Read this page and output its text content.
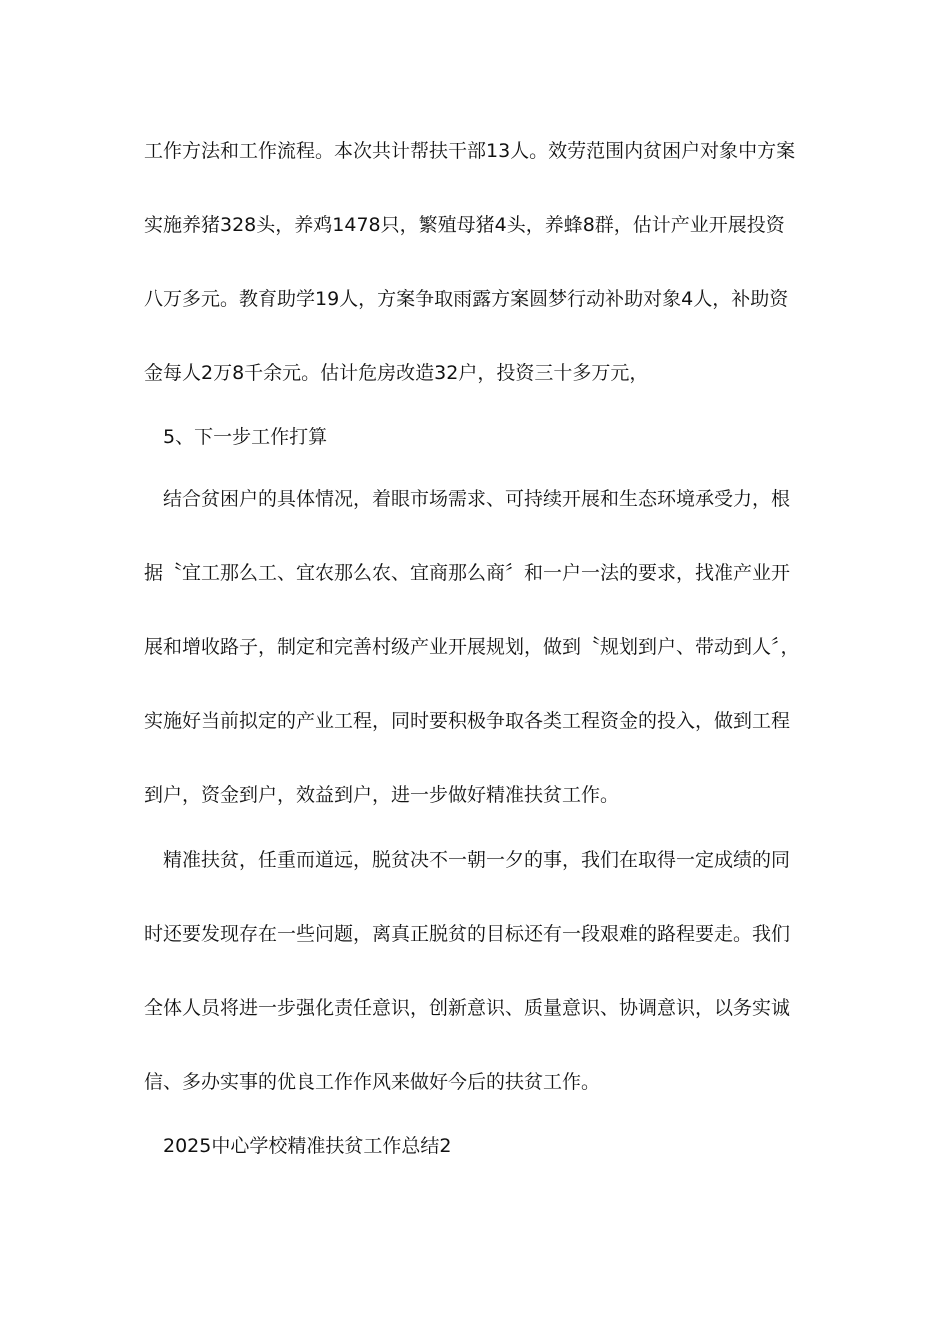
工作方法和工作流程。本次共计帮扶干部13人。效劳范围内贫困户对象中方案
实施养猪328头，养鸡1478只，繁殖母猪4头，养蜂8群，估计产业开展投资
八万多元。教育助学19人，方案争取雨露方案圆梦行动补助对象4人，补助资
金每人2万8千余元。估计危房改造32户，投资三十多万元，
5、下一步工作打算
结合贫困户的具体情况，着眼市场需求、可持续开展和生态环境承受力，根
据〝宜工那么工、宜农那么农、宜商那么商〞和一户一法的要求，找准产业开
展和增收路子，制定和完善村级产业开展规划，做到〝规划到户、带动到人〞，
实施好当前拟定的产业工程，同时要积极争取各类工程资金的投入，做到工程
到户，资金到户，效益到户，进一步做好精准扶贫工作。
精准扶贫，任重而道远，脱贫决不一朝一夕的事，我们在取得一定成绩的同
时还要发现存在一些问题，离真正脱贫的目标还有一段艰难的路程要走。我们
全体人员将进一步强化责任意识，创新意识、质量意识、协调意识，以务实诚
信、多办实事的优良工作作风来做好今后的扶贫工作。
2025中心学校精准扶贫工作总结2
